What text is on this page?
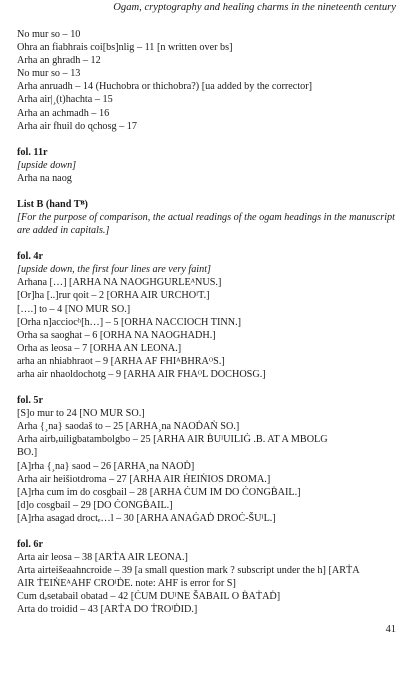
Ogam, cryptography and healing charms in the nineteenth century
No mur so – 10
Ohra an fiabhrais coi[bs]nlig – 11 [n written over bs]
Arha an ghradh – 12
No mur so – 13
Arha anruadh – 14 (Huchobra or thichobra?) [ua added by the corrector]
Arha air|¸(t)hachta – 15
Arha an achmadh – 16
Arha air fhuil do ɋchosg – 17
fol. 11r
[upside down]
Arha na naog
List B (hand Tᴮ)
[For the purpose of comparison, the actual readings of the ogam headings in the manuscript are added in capitals.]
fol. 4r
[upside down, the first four lines are very faint]
Arhana […] [ARHA NA NAOGHGURLEᴬNUS.]
[Or]ha [..]rur qoit – 2 [ORHA AIR URCHOᴵT.]
[….] to – 4 [NO MUR SO.]
[Orha n]acciocʰ[h…] – 5 [ORHA NACCIOCH TINN.]
Orha sa saoghat – 6 [ORHA NA NAOGHADH.]
Orha as leosa – 7 [ORHA AN LEONA.]
arha an nhiabhraot – 9 [ARHA AF FHIᴬBHRAᴼS.]
arha air nhaoldochotg – 9 [ARHA AIR FHAᴼL DOCHOSG.]
fol. 5r
[S]o mur to 24 [NO MUR SO.]
Arha {¸na} saodaš to – 25 [ARHA¸na NAOḊAṄ SO.]
Arha airbₑuiligbatambolgbo – 25 [ARHA AIR ḂUᴵUILIĠ .B. AT A MBOLG
BO.]
[A]rha {¸na} saod – 26 [ARHA¸na NAOḊ]
Arha air heišiotdroma – 27 [ARHA AIR ḢEIṄIOS DROMA.]
[A]rha cum im do cosgbail – 28 [ARHA ĊUM IM DO ĊONGḂAIL.]
[d]o cosgbail – 29 [DO ĊONGḂAIL.]
[A]rha asagad droctₑ…l – 30 [ARHA ANAĠAḊ DROĊ-ŠUᴵL.]
fol. 6r
Arta air leosa – 38 [ARṪA AIR LEONA.]
Arta airteišeaahncroide – 39 [a small question mark ? subscript under the h] [ARṪA
AIR ṪEIṄEᴬAHF CROᴵḊE. note: AHF is error for S]
Cum dₑsetabail obatad – 42 [ĊUM DUᴵNE ŠABAIL O ḂAṪAḊ]
Arta do troidid – 43 [ARṪA DO ṪROᴵḊID.]
41
